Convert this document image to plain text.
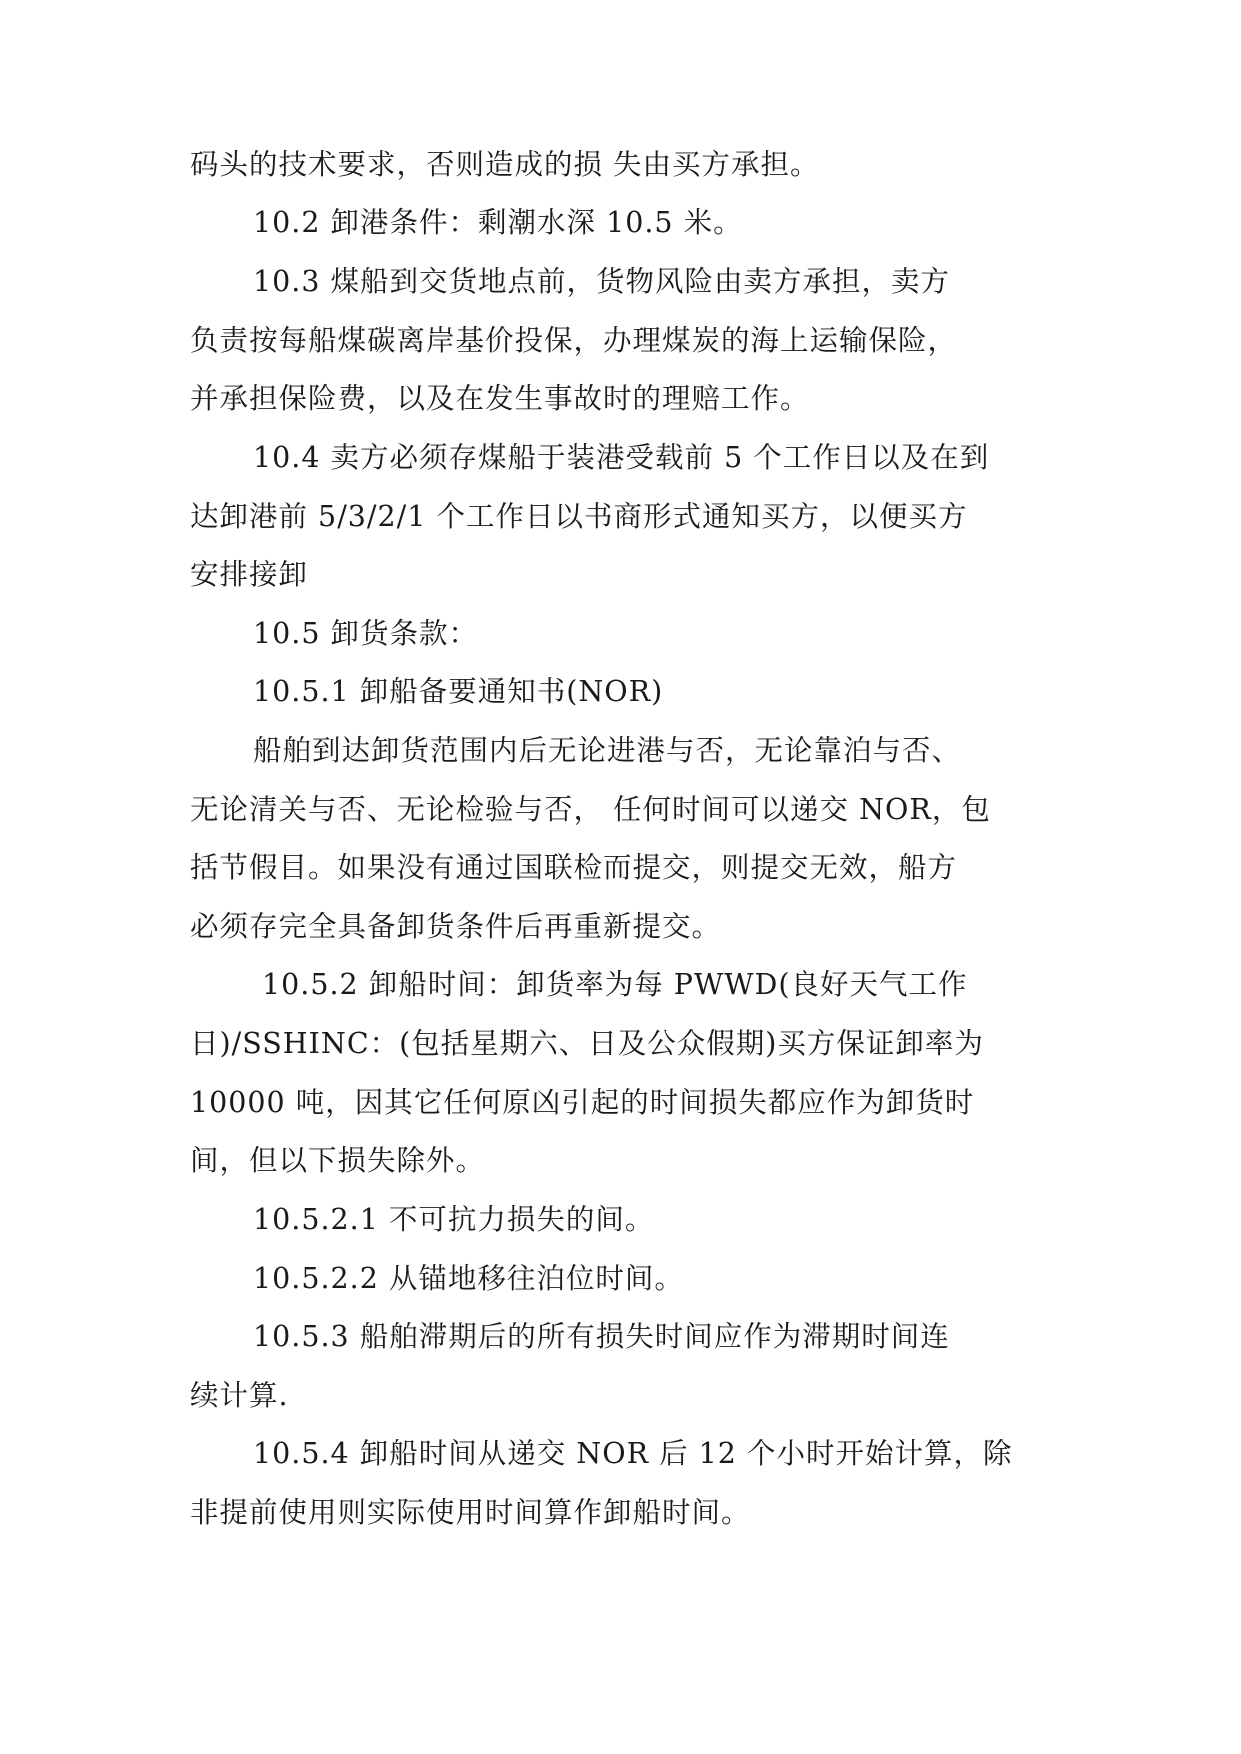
码头的技术要求，否则造成的损 失由买方承担。
10.2 卸港条件：剩潮水深 10.5 米。
10.3 煤船到交货地点前，货物风险由卖方承担，卖方
负责按每船煤碳离岸基价投保，办理煤炭的海上运输保险，
并承担保险费，以及在发生事故时的理赔工作。
10.4 卖方必须存煤船于装港受载前 5 个工作日以及在到
达卸港前 5/3/2/1 个工作日以书商形式通知买方，以便买方
安排接卸
10.5 卸货条款：
10.5.1 卸船备要通知书(NOR)
船舶到达卸货范围内后无论进港与否，无论靠泊与否、
无论清关与否、无论检验与否， 任何时间可以递交 NOR，包
括节假目。如果没有通过国联检而提交，则提交无效，船方
必须存完全具备卸货条件后再重新提交。
10.5.2 卸船时间：卸货率为每 PWWD(良好天气工作
日)/SSHINC：(包括星期六、日及公众假期)买方保证卸率为
10000 吨，因其它任何原凶引起的时间损失都应作为卸货时
间，但以下损失除外。
10.5.2.1 不可抗力损失的间。
10.5.2.2 从锚地移往泊位时间。
10.5.3 船舶滞期后的所有损失时间应作为滞期时间连
续计算.
10.5.4 卸船时间从递交 NOR 后 12 个小时开始计算，除
非提前使用则实际使用时间算作卸船时间。
